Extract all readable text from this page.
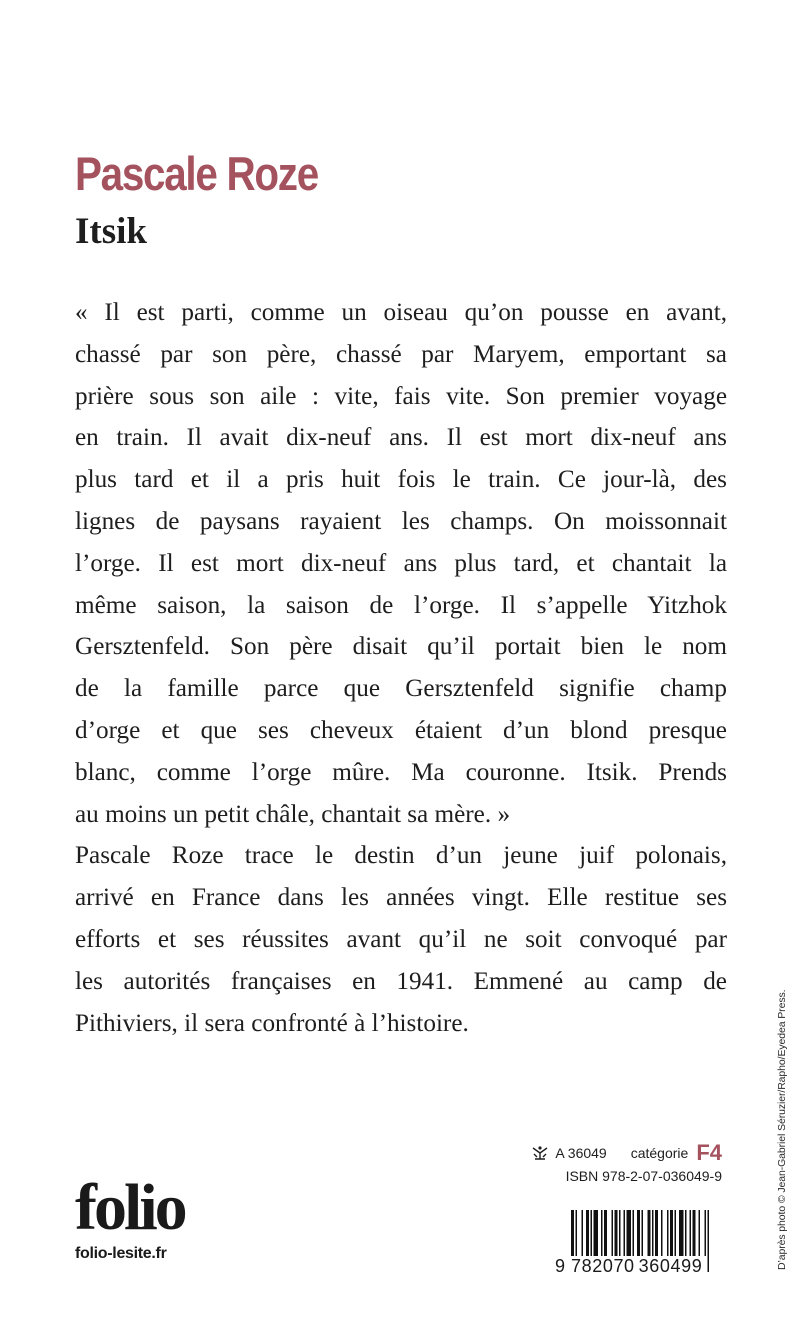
Pascale Roze
Itsik

« Il est parti, comme un oiseau qu’on pousse en avant,
chassé par son père, chassé par Maryem, emportant sa
prière sous son aile : vite, fais vite. Son premier voyage
en train. Il avait dix-neuf ans. Il est mort dix-neuf ans
plus tard et il a pris huit fois le train. Ce jour-là, des
lignes de paysans rayaient les champs. On moissonnait
l’orge. Il est mort dix-neuf ans plus tard, et chantait la
même saison, la saison de l’orge. Il s’appelle Yitzhok
Gersztenfeld. Son père disait qu’il portait bien le nom
de la famille parce que Gersztenfeld signifie champ
d’orge et que ses cheveux étaient d’un blond presque
blanc, comme l’orge mûre. Ma couronne. Itsik. Prends
au moins un petit châle, chantait sa mère. »

Pascale Roze trace le destin d’un jeune juif polonais,
arrivé en France dans les années vingt. Elle restitue ses
efforts et ses réussites avant qu’il ne soit convoqué par
les autorités françaises en 1941. Emmené au camp de
Pithiviers, il sera confronté à l’histoire.	D’après photo © Jean-Gabriel Séruzier/Rapho/Eyedea Press.
folio
folio-lesite.fr
A 36049 catégorie F4
ISBN 978-2-07-036049-9
9 782070 360499
